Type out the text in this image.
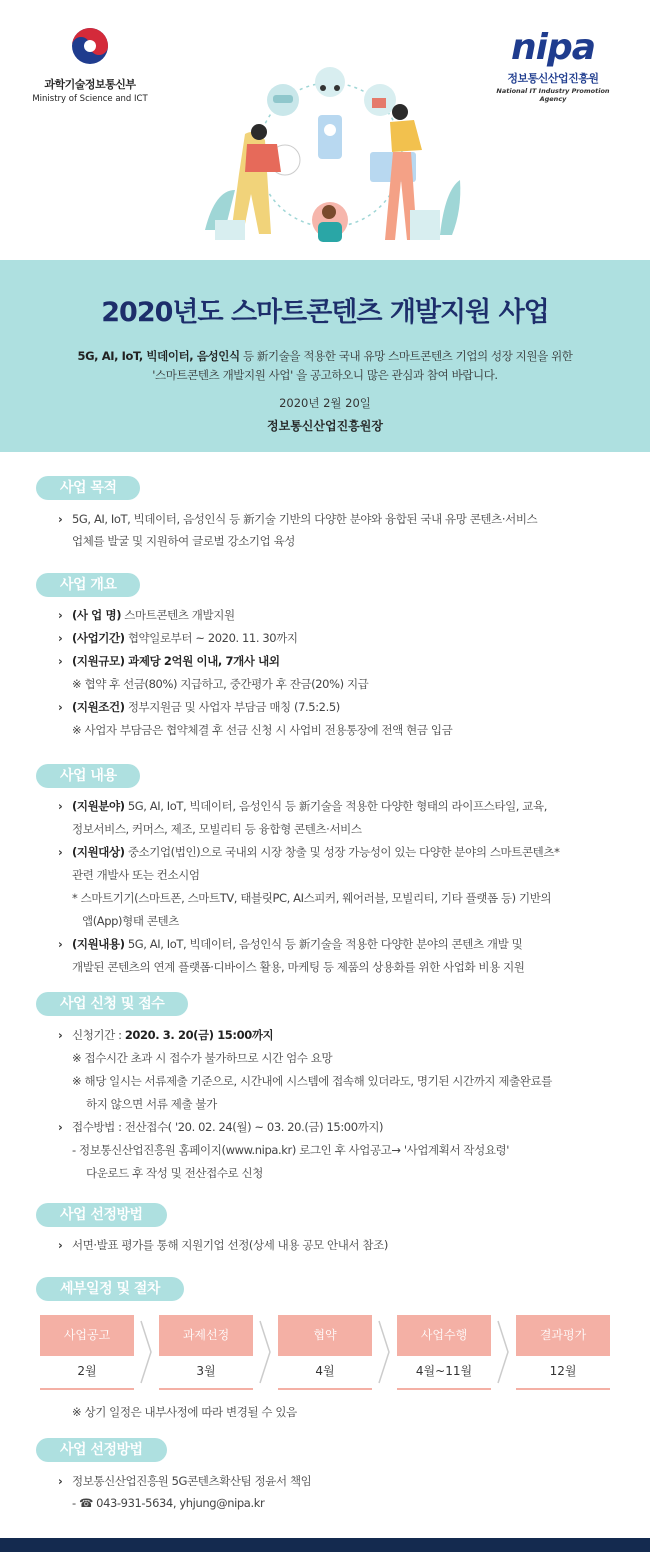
과학기술정보통신부
Ministry of Science and ICT
nipa
정보통신산업진흥원
National IT Industry Promotion Agency
2020년도 스마트콘텐츠 개발지원 사업
5G, AI, IoT, 빅데이터, 음성인식 등 新기술을 적용한 국내 유망 스마트콘텐츠 기업의 성장 지원을 위한
'스마트콘텐츠 개발지원 사업' 을 공고하오니 많은 관심과 참여 바랍니다.
2020년 2월 20일
정보통신산업진흥원장
사업 목적
› 5G, AI, IoT, 빅데이터, 음성인식 등 新기술 기반의 다양한 분야와 융합된 국내 유망 콘텐츠·서비스
업체를 발굴 및 지원하여 글로벌 강소기업 육성
사업 개요
› (사 업 명) 스마트콘텐츠 개발지원
› (사업기간) 협약일로부터 ~ 2020. 11. 30까지
› (지원규모) 과제당 2억원 이내, 7개사 내외
※ 협약 후 선금(80%) 지급하고, 중간평가 후 잔금(20%) 지급
› (지원조건) 정부지원금 및 사업자 부담금 매칭 (7.5:2.5)
※ 사업자 부담금은 협약체결 후 선금 신청 시 사업비 전용통장에 전액 현금 입금
사업 내용
› (지원분야) 5G, AI, IoT, 빅데이터, 음성인식 등 新기술을 적용한 다양한 형태의 라이프스타일, 교육,
정보서비스, 커머스, 제조, 모빌리티 등 융합형 콘텐츠·서비스
› (지원대상) 중소기업(법인)으로 국내외 시장 창출 및 성장 가능성이 있는 다양한 분야의 스마트콘텐츠*
관련 개발사 또는 컨소시엄
* 스마트기기(스마트폰, 스마트TV, 태블릿PC, AI스피커, 웨어러블, 모빌리티, 기타 플랫폼 등) 기반의
앱(App)형태 콘텐츠
› (지원내용) 5G, AI, IoT, 빅데이터, 음성인식 등 新기술을 적용한 다양한 분야의 콘텐츠 개발 및
개발된 콘텐츠의 연계 플랫폼·디바이스 활용, 마케팅 등 제품의 상용화를 위한 사업화 비용 지원
사업 신청 및 접수
› 신청기간 : 2020. 3. 20(금) 15:00까지
※ 접수시간 초과 시 접수가 불가하므로 시간 엄수 요망
※ 해당 일시는 서류제출 기준으로, 시간내에 시스템에 접속해 있더라도, 명기된 시간까지 제출완료를
하지 않으면 서류 제출 불가
› 접수방법 : 전산접수( '20. 02. 24(월) ~ 03. 20.(금) 15:00까지)
- 정보통신산업진흥원 홈페이지(www.nipa.kr) 로그인 후 사업공고→ '사업계획서 작성요령'
다운로드 후 작성 및 전산접수로 신청
사업 선정방법
› 서면·발표 평가를 통해 지원기업 선정(상세 내용 공모 안내서 참조)
세부일정 및 절차
사업공고
2월
과제선정
3월
협약
4월
사업수행
4월~11월
결과평가
12월
※ 상기 일정은 내부사정에 따라 변경될 수 있음
사업 선정방법
› 정보통신산업진흥원 5G콘텐츠확산팀 정윤서 책임
- ☎ 043-931-5634, yhjung@nipa.kr
